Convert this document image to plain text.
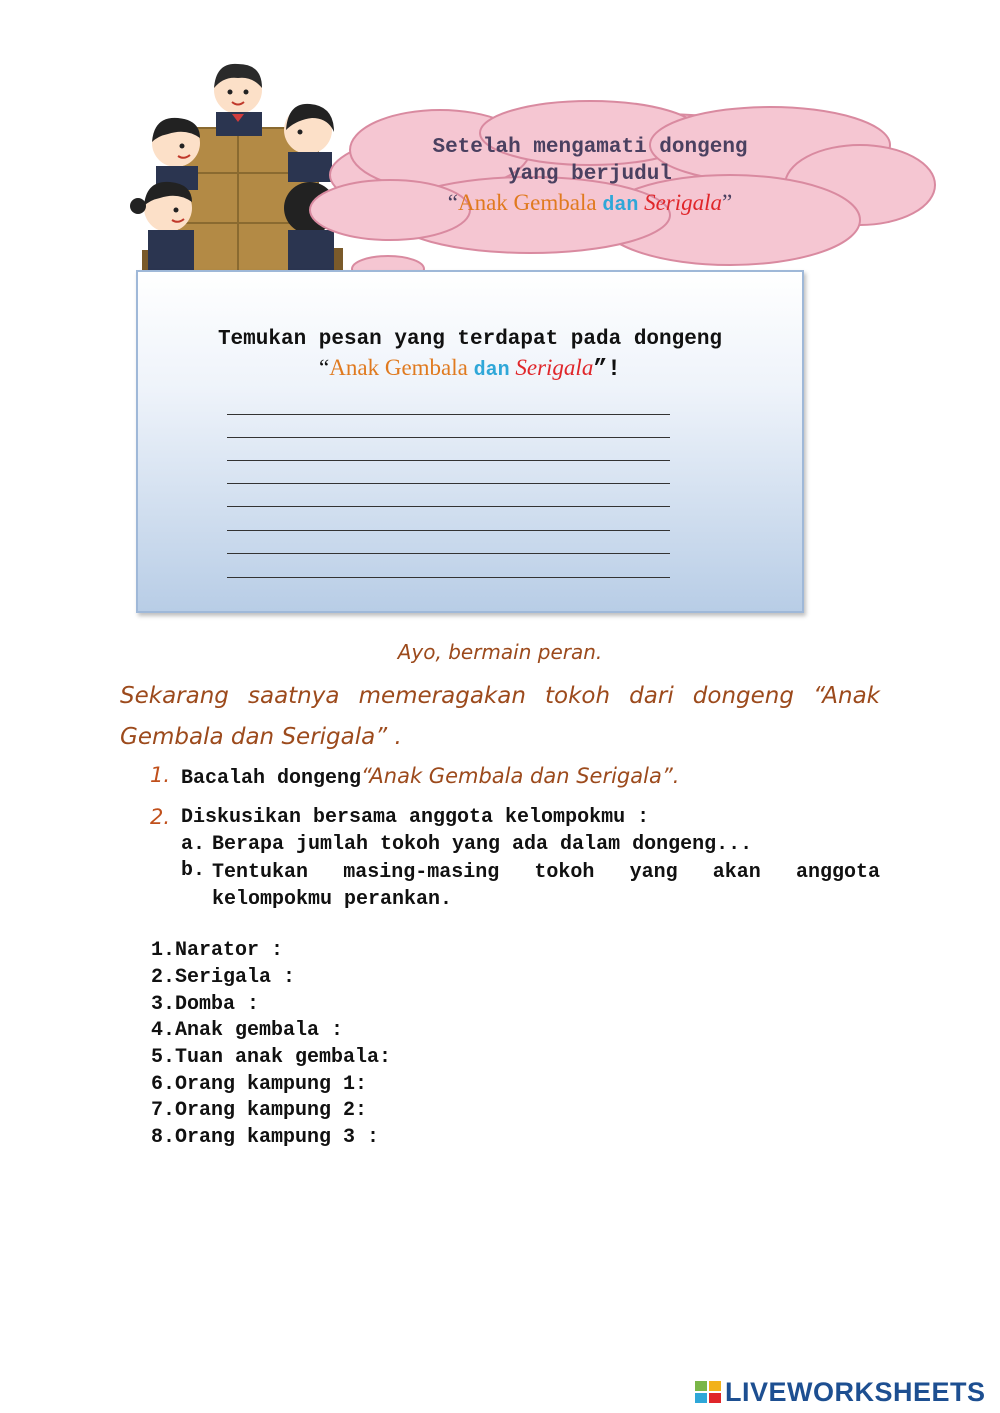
Setelah mengamati dongeng
yang berjudul
“Anak Gembala dan Serigala”
Temukan pesan yang terdapat pada dongeng
“Anak Gembala dan Serigala”!
Ayo, bermain peran.
Sekarang saatnya memeragakan tokoh dari dongeng “Anak Gembala dan Serigala” .
1. Bacalah dongeng“Anak Gembala dan Serigala”.
2. Diskusikan bersama anggota kelompokmu :
a. Berapa jumlah tokoh yang ada dalam dongeng...
b. Tentukan masing-masing tokoh yang akan anggota kelompokmu perankan.
1.Narator :
2.Serigala :
3.Domba :
4.Anak gembala :
5.Tuan anak gembala:
6.Orang kampung 1:
7.Orang kampung 2:
8.Orang kampung 3 :
LIVEWORKSHEETS
